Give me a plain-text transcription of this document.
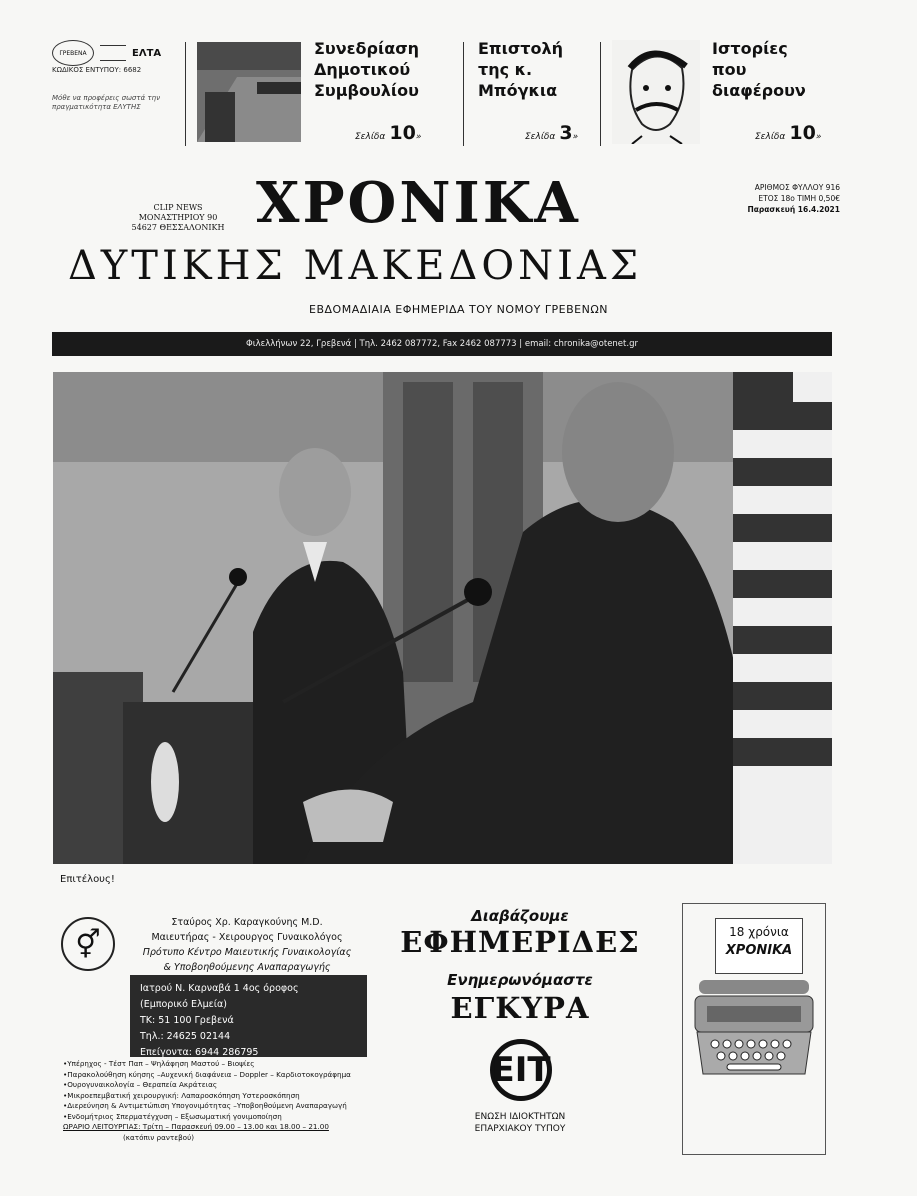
ΓΡΕΒΕΝΑ	ΕΛΤΑ
ΚΩΔΙΚΟΣ ΕΝΤΥΠΟΥ: 6682
Μόθε να προφέρεις σωστά την πραγματικότητα ΕΛΥΤΗΣ
Συνεδρίαση Δημοτικού Συμβουλίου
Σελίδα 10»
Επιστολή της κ. Μπόγκια
Σελίδα 3»
Ιστορίες που διαφέρουν
Σελίδα 10»
CLIP NEWS
ΜΟΝΑΣΤΗΡΙΟΥ 90
54627 ΘΕΣΣΑΛΟΝΙΚΗ ΧΡΟΝΙΚΑ	ΑΡΙΘΜΟΣ ΦΥΛΛΟΥ 916
ΕΤΟΣ 18ο ΤΙΜΗ 0,50€
Παρασκευή 16.4.2021
ΔΥΤΙΚΗΣ ΜΑΚΕΔΟΝΙΑΣ
ΕΒΔΟΜΑΔΙΑΙΑ ΕΦΗΜΕΡΙΔΑ ΤΟΥ ΝΟΜΟΥ ΓΡΕΒΕΝΩΝ
Φιλελλήνων 22, Γρεβενά | Τηλ. 2462 087772, Fax 2462 087773 | email: chronika@otenet.gr
Επιτέλους!
⚥
Σταύρος Χρ. Καραγκούνης M.D.
Μαιευτήρας - Χειρουργος Γυναικολόγος
Πρότυπο Κέντρο Μαιευτικής Γυναικολογίας
& Υποβοηθούμενης Αναπαραγωγής
Ιατρού Ν. Καρναβά 1 4ος όροφος
(Εμπορικό Ελμεία)
ΤΚ: 51 100 Γρεβενά
Τηλ.: 24625 02144
Επείγοντα: 6944 286795
•Υπέρηχος - Τέστ Παπ – Ψηλάφηση Μαστού – Βιοψίες
•Παρακολούθηση κύησης –Αυχενική διαφάνεια – Doppler – Καρδιοτοκογράφημα
•Ουρογυναικολογία – Θεραπεία Ακράτειας
•Μικροεπεμβατική χειρουργική: Λαπαροσκόπηση Υστεροσκόπηση
•Διερεύνηση & Αντιμετώπιση Υπογονιμότητας –Υποβοηθούμενη Αναπαραγωγή
•Ενδομήτριος Σπερματέγχυση – Εξωσωματική γονιμοποίηση
ΩΡΑΡΙΟ ΛΕΙΤΟΥΡΓΙΑΣ: Τρίτη – Παρασκευή 09.00 – 13.00 και 18.00 – 21.00
(κατόπιν ραντεβού)
Διαβάζουμε
ΕΦΗΜΕΡΙΔΕΣ
Ενημερωνόμαστε
ΕΓΚΥΡΑ
ΕΙΤ
ΕΝΩΣΗ ΙΔΙΟΚΤΗΤΩΝ
ΕΠΑΡΧΙΑΚΟΥ ΤΥΠΟΥ
18 χρόνια
ΧΡΟΝΙΚΑ
